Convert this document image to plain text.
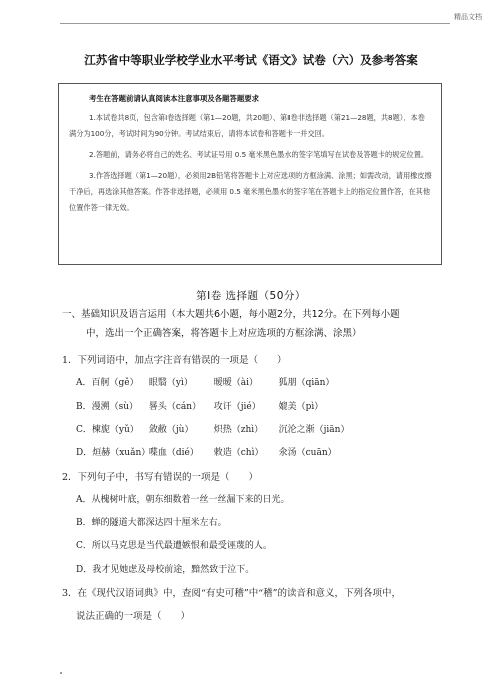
精品文档
江苏省中等职业学校学业水平考试《语文》试卷（六）及参考答案
考生在答题前请认真阅读本注意事项及各题答题要求

1.本试卷共8页，包含第Ⅰ卷选择题（第1—20题，共20题）、第Ⅱ卷非选择题（第21—28题，共8题）．本卷满分为100分，考试时间为90分钟。考试结束后，请将本试卷和答题卡一并交回。

2.答题前，请务必将自己的姓名、考试证号用 0.5 毫米黑色墨水的签字笔填写在试卷及答题卡的规定位置。

3.作答选择题（第1—20题），必须用2B铅笔将答题卡上对应选项的方框涂满、涂黑；如需改动，请用橡皮擦干净后，再选涂其他答案。作答非选择题，必须用 0.5 毫米黑色墨水的签字笔在答题卡上的指定位置作答，在其他位置作答一律无效。

第Ⅰ卷 选择题（50分）
一、基础知识及语言运用（本大题共6小题，每小题2分，共12分。在下列每小题
中，选出一个正确答案，将答题卡上对应选项的方框涂满、涂黑）
1．下列词语中，加点字注音有错误的一项是（　　）
A．百舸（gě） 眼翳（yì） 暧暧（ài） 狐朋（qiān）
B．漫溯（sù） 晷头（cán） 攻讦（jié） 媲美（pì）
C．楝旎（yǔ） 敛敝（jù） 炽热（zhì） 沉沦之渐（jiān）
D．烜赫（xuǎn） 喋血（dié） 敕造（chì） 氽汤（cuān）
2．下列句子中，书写有错误的一项是（　　）
A．从槐树叶底，朝东细数着一丝一丝漏下来的日光。
B．蝉的隧道大都深达四十厘米左右。
C．所以马克思是当代最遭嫉恨和最受诬蔑的人。
D．我才见她虑及母校前途，黯然致于泣下。
3．在《现代汉语词典》中，查阅“有史可稽”中“稽”的读音和意义，下列各项中，
说法正确的一项是（　　）
